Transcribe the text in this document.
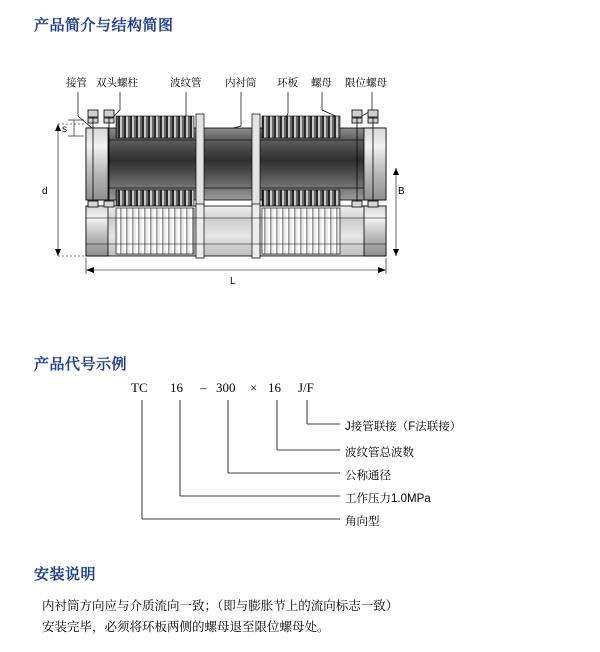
产品简介与结构简图
s
d	B
L
接管 双头螺柱	波纹管 内衬筒 环板 螺母 限位螺母
产品代号示例
TC 16 – 300 × 16 J/F
J接管联接（F法联接）
波纹管总波数
公称通径
工作压力1.0MPa
角向型
安装说明
内衬筒方向应与介质流向一致；（即与膨胀节上的流向标志一致）
安装完毕，必须将环板两侧的螺母退至限位螺母处。
